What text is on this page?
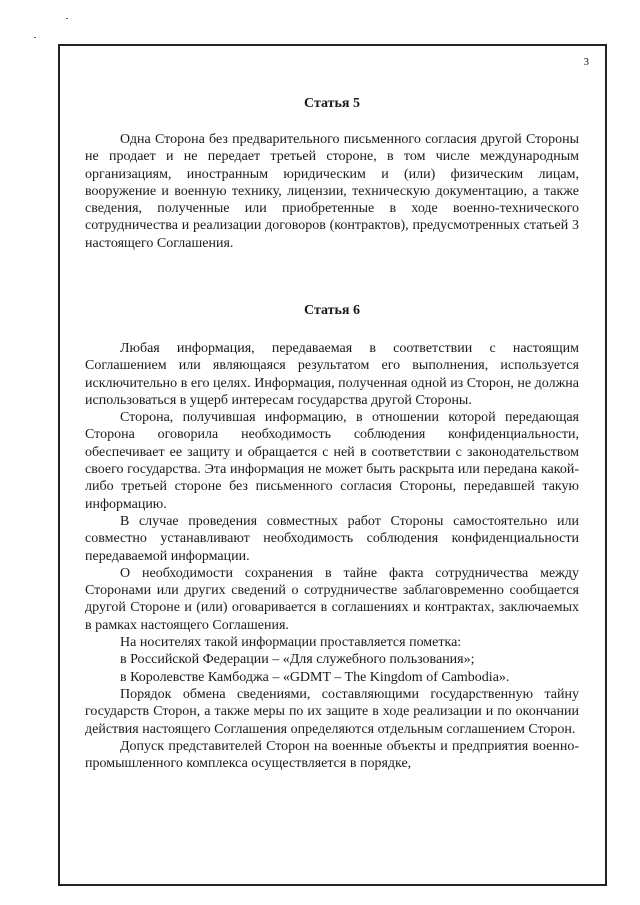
3
Статья 5

Одна Сторона без предварительного письменного согласия другой Стороны не продает и не передает третьей стороне, в том числе международным организациям, иностранным юридическим и (или) физическим лицам, вооружение и военную технику, лицензии, техническую документацию, а также сведения, полученные или приобретенные в ходе военно-технического сотрудничества и реализации договоров (контрактов), предусмотренных статьей 3 настоящего Соглашения.

Статья 6

Любая информация, передаваемая в соответствии с настоящим Соглашением или являющаяся результатом его выполнения, используется исключительно в его целях. Информация, полученная одной из Сторон, не должна использоваться в ущерб интересам государства другой Стороны.

Сторона, получившая информацию, в отношении которой передающая Сторона оговорила необходимость соблюдения конфиденциальности, обеспечивает ее защиту и обращается с ней в соответствии с законодательством своего государства. Эта информация не может быть раскрыта или передана какой-либо третьей стороне без письменного согласия Стороны, передавшей такую информацию.

В случае проведения совместных работ Стороны самостоятельно или совместно устанавливают необходимость соблюдения конфиденциальности передаваемой информации.

О необходимости сохранения в тайне факта сотрудничества между Сторонами или других сведений о сотрудничестве заблаговременно сообщается другой Стороне и (или) оговаривается в соглашениях и контрактах, заключаемых в рамках настоящего Соглашения.

На носителях такой информации проставляется пометка:

в Российской Федерации – «Для служебного пользования»;

в Королевстве Камбоджа – «GDMT – The Kingdom of Cambodia».

Порядок обмена сведениями, составляющими государственную тайну государств Сторон, а также меры по их защите в ходе реализации и по окончании действия настоящего Соглашения определяются отдельным соглашением Сторон.

Допуск представителей Сторон на военные объекты и предприятия военно-промышленного комплекса осуществляется в порядке,
